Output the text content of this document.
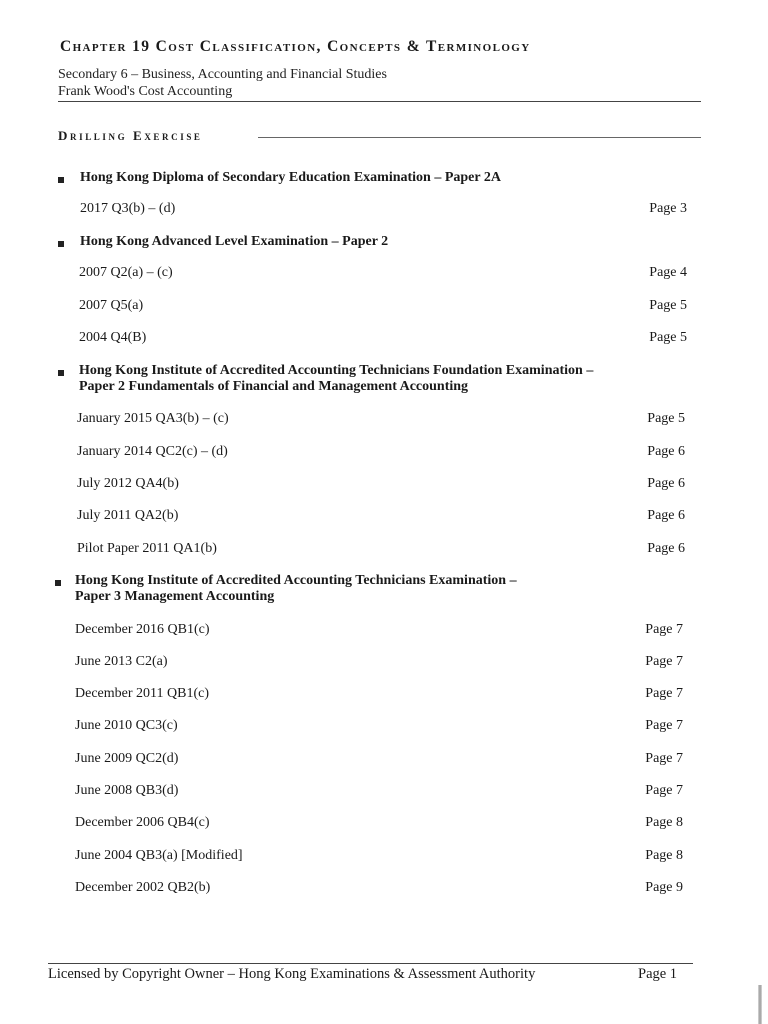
Chapter 19 Cost Classification, Concepts & Terminology
Secondary 6 – Business, Accounting and Financial Studies
Frank Wood's Cost Accounting
Drilling Exercise
Hong Kong Diploma of Secondary Education Examination – Paper 2A
2017 Q3(b) – (d)	Page 3
Hong Kong Advanced Level Examination – Paper 2
2007 Q2(a) – (c)	Page 4
2007 Q5(a)	Page 5
2004 Q4(B)	Page 5
Hong Kong Institute of Accredited Accounting Technicians Foundation Examination –
Paper 2 Fundamentals of Financial and Management Accounting
January 2015 QA3(b) – (c)	Page 5
January 2014 QC2(c) – (d)	Page 6
July 2012 QA4(b)	Page 6
July 2011 QA2(b)	Page 6
Pilot Paper 2011 QA1(b)	Page 6
Hong Kong Institute of Accredited Accounting Technicians Examination –
Paper 3 Management Accounting
December 2016 QB1(c)	Page 7
June 2013 C2(a)	Page 7
December 2011 QB1(c)	Page 7
June 2010 QC3(c)	Page 7
June 2009 QC2(d)	Page 7
June 2008 QB3(d)	Page 7
December 2006 QB4(c)	Page 8
June 2004 QB3(a) [Modified]	Page 8
December 2002 QB2(b)	Page 9
Licensed by Copyright Owner – Hong Kong Examinations & Assessment Authority	Page 1
